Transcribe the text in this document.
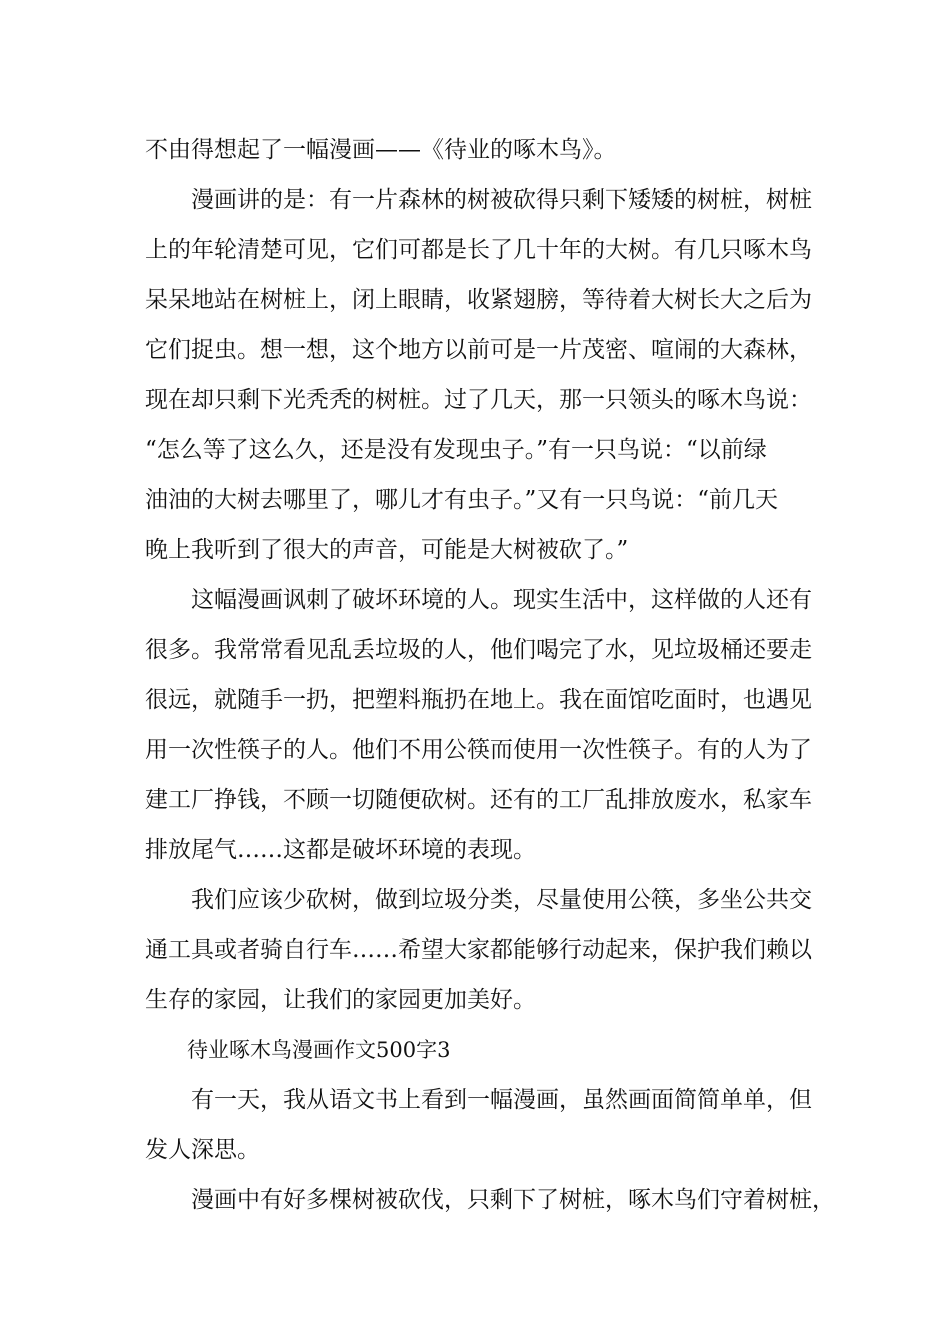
不由得想起了一幅漫画——《待业的啄木鸟》。
　　漫画讲的是：有一片森林的树被砍得只剩下矮矮的树桩，树桩
上的年轮清楚可见，它们可都是长了几十年的大树。有几只啄木鸟
呆呆地站在树桩上，闭上眼睛，收紧翅膀，等待着大树长大之后为
它们捉虫。想一想，这个地方以前可是一片茂密、喧闹的大森林，
现在却只剩下光秃秃的树桩。过了几天，那一只领头的啄木鸟说：
“怎么等了这么久，还是没有发现虫子。”有一只鸟说：“以前绿
油油的大树去哪里了，哪儿才有虫子。”又有一只鸟说：“前几天
晚上我听到了很大的声音，可能是大树被砍了。”
　　这幅漫画讽刺了破坏环境的人。现实生活中，这样做的人还有
很多。我常常看见乱丢垃圾的人，他们喝完了水，见垃圾桶还要走
很远，就随手一扔，把塑料瓶扔在地上。我在面馆吃面时，也遇见
用一次性筷子的人。他们不用公筷而使用一次性筷子。有的人为了
建工厂挣钱，不顾一切随便砍树。还有的工厂乱排放废水，私家车
排放尾气……这都是破坏环境的表现。
　　我们应该少砍树，做到垃圾分类，尽量使用公筷，多坐公共交
通工具或者骑自行车……希望大家都能够行动起来，保护我们赖以
生存的家园，让我们的家园更加美好。
　　待业啄木鸟漫画作文500字3
　　有一天，我从语文书上看到一幅漫画，虽然画面简简单单，但
发人深思。
　　漫画中有好多棵树被砍伐，只剩下了树桩，啄木鸟们守着树桩，
